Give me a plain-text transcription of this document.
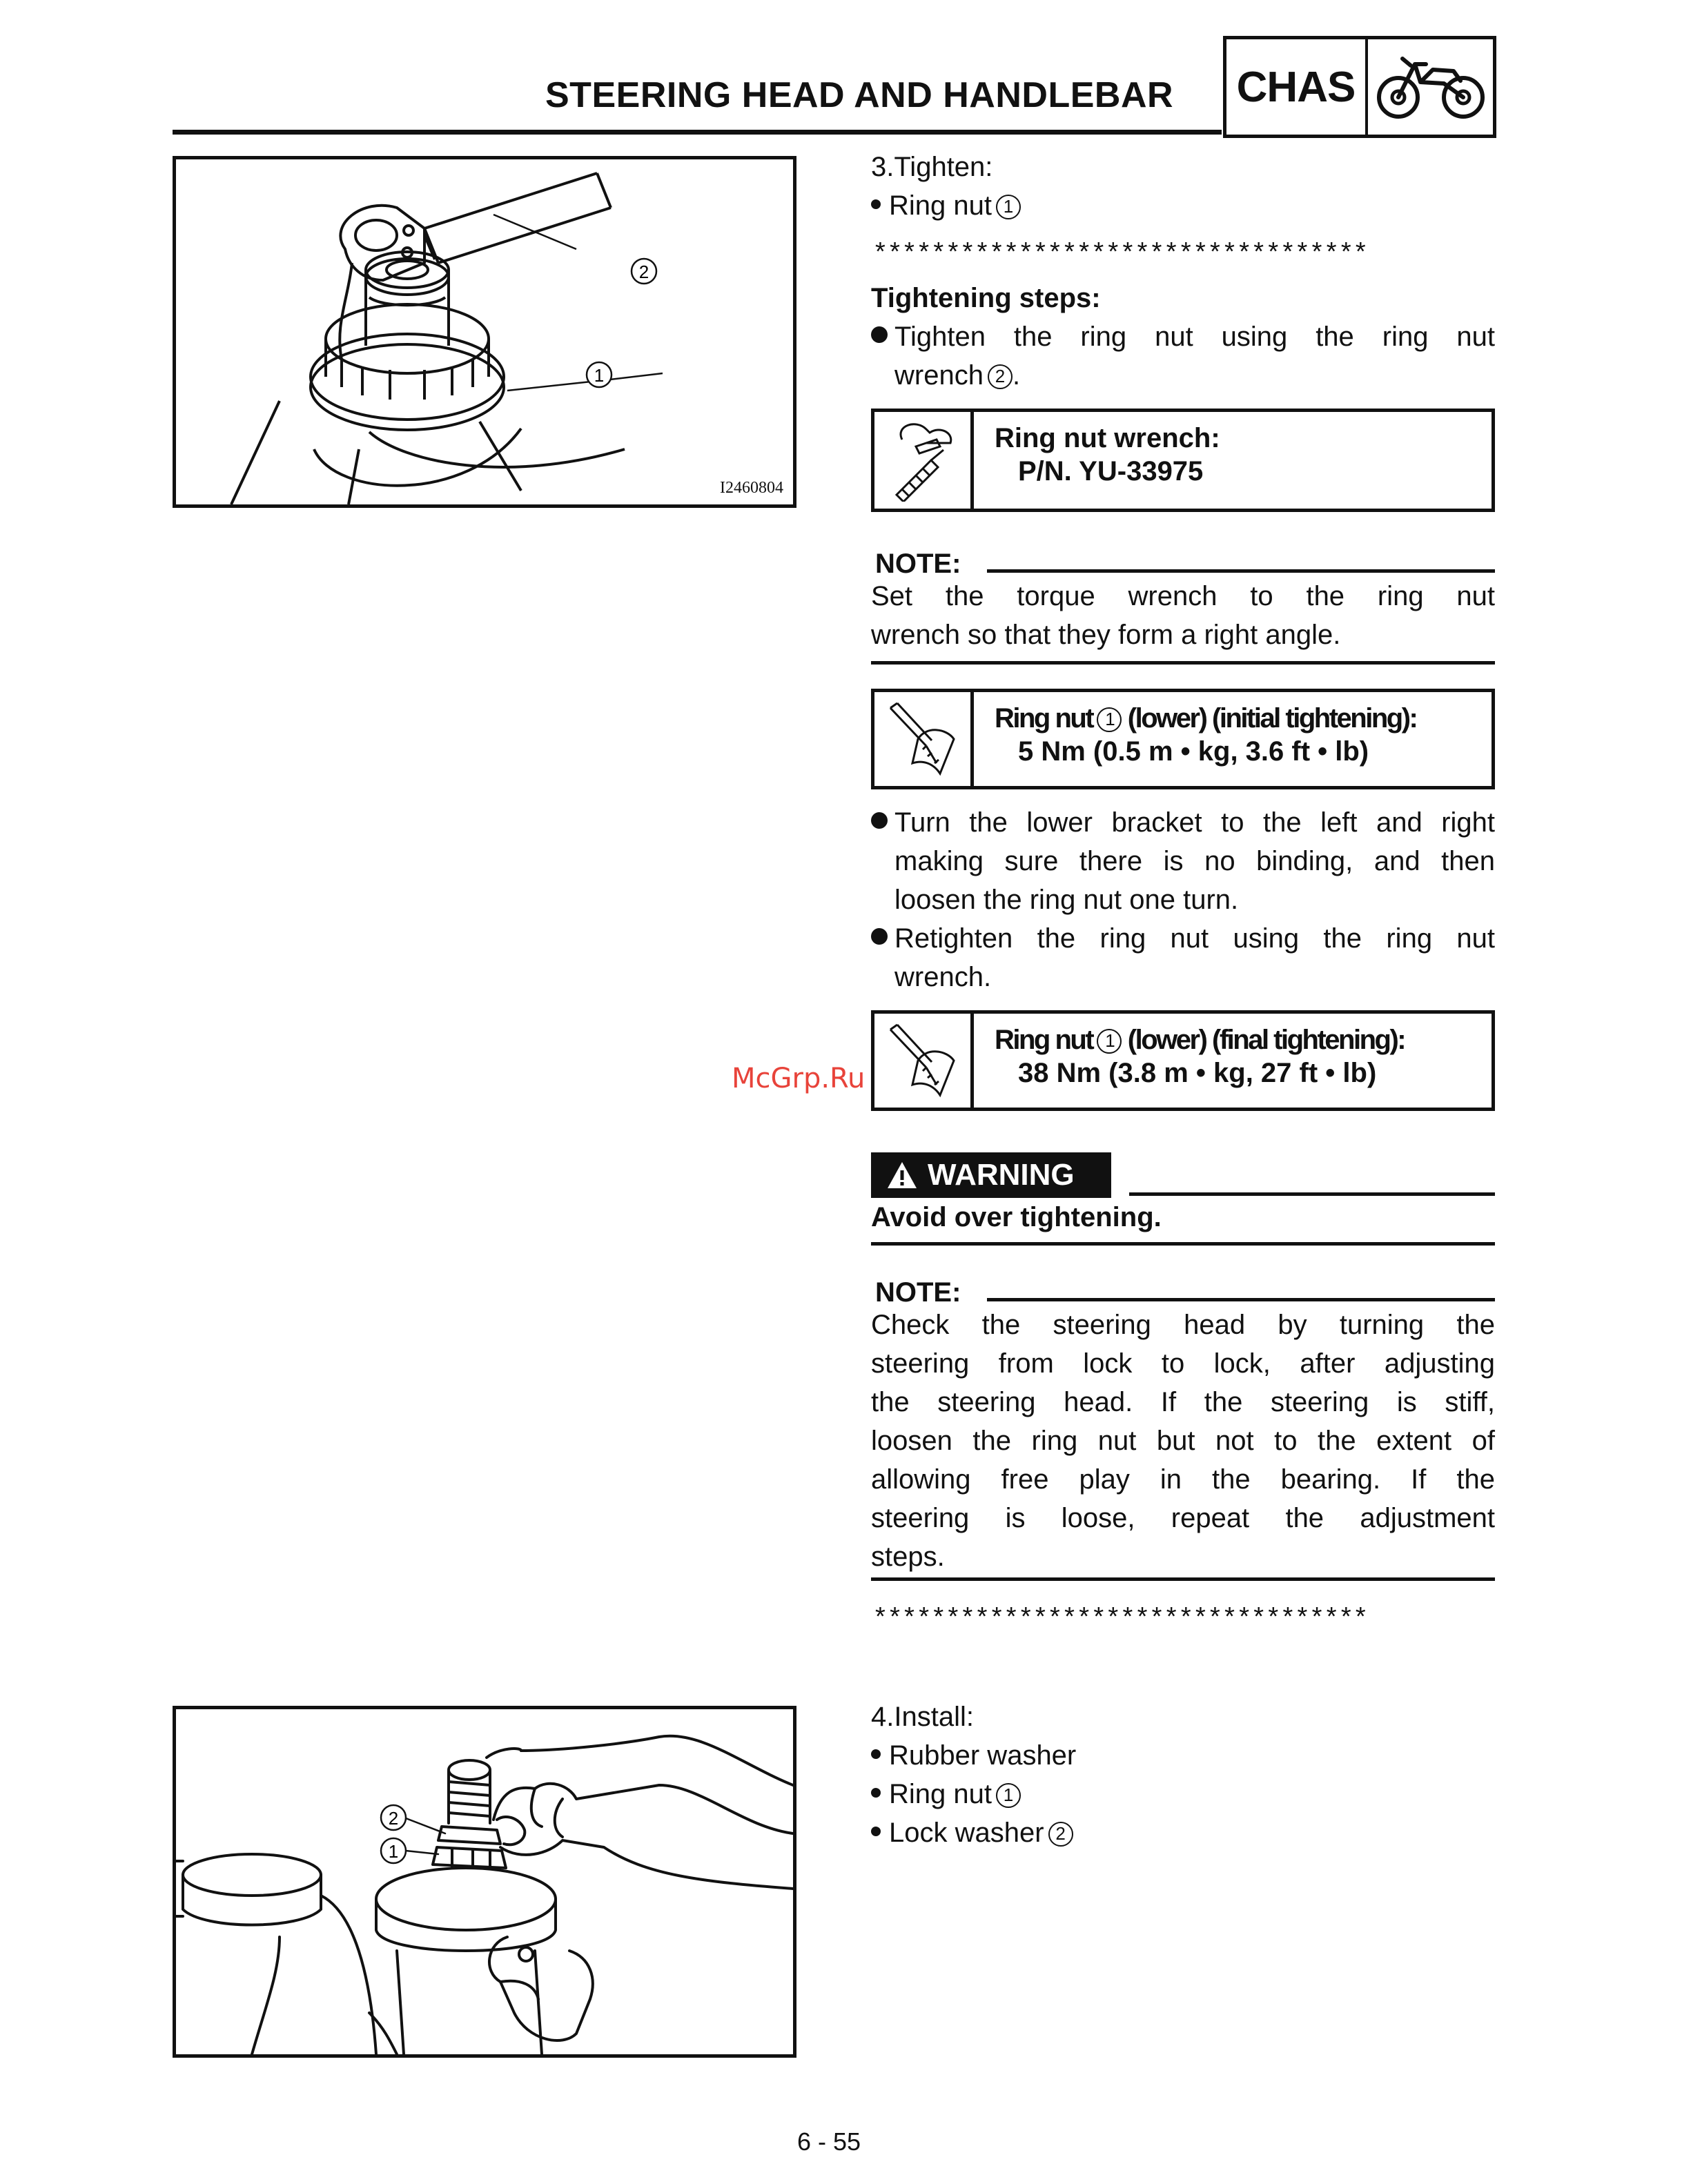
STEERING HEAD AND HANDLEBAR CHAS
2
1
I2460804
3.Tighten:
Ring nut 1
**********************************
Tightening steps:
Tighten the ring nut using the ring nut
wrench 2 .
Ring nut wrench:
P/N. YU-33975
NOTE:
Set the torque wrench to the ring nut
wrench so that they form a right angle.
Ring nut 1 (lower) (initial tightening):
5 Nm (0.5 m • kg, 3.6 ft • lb)
Turn the lower bracket to the left and right
making sure there is no binding, and then
loosen the ring nut one turn.
Retighten the ring nut using the ring nut
wrench.
Ring nut 1 (lower) (final tightening):
38 Nm (3.8 m • kg, 27 ft • lb)
McGrp.Ru
WARNING
Avoid over tightening.
NOTE:
Check the steering head by turning the
steering from lock to lock, after adjusting
the steering head. If the steering is stiff,
loosen the ring nut but not to the extent of
allowing free play in the bearing. If the
steering is loose, repeat the adjustment
steps.
**********************************
2
1
4.Install:
Rubber washer
Ring nut 1
Lock washer 2
6 - 55
